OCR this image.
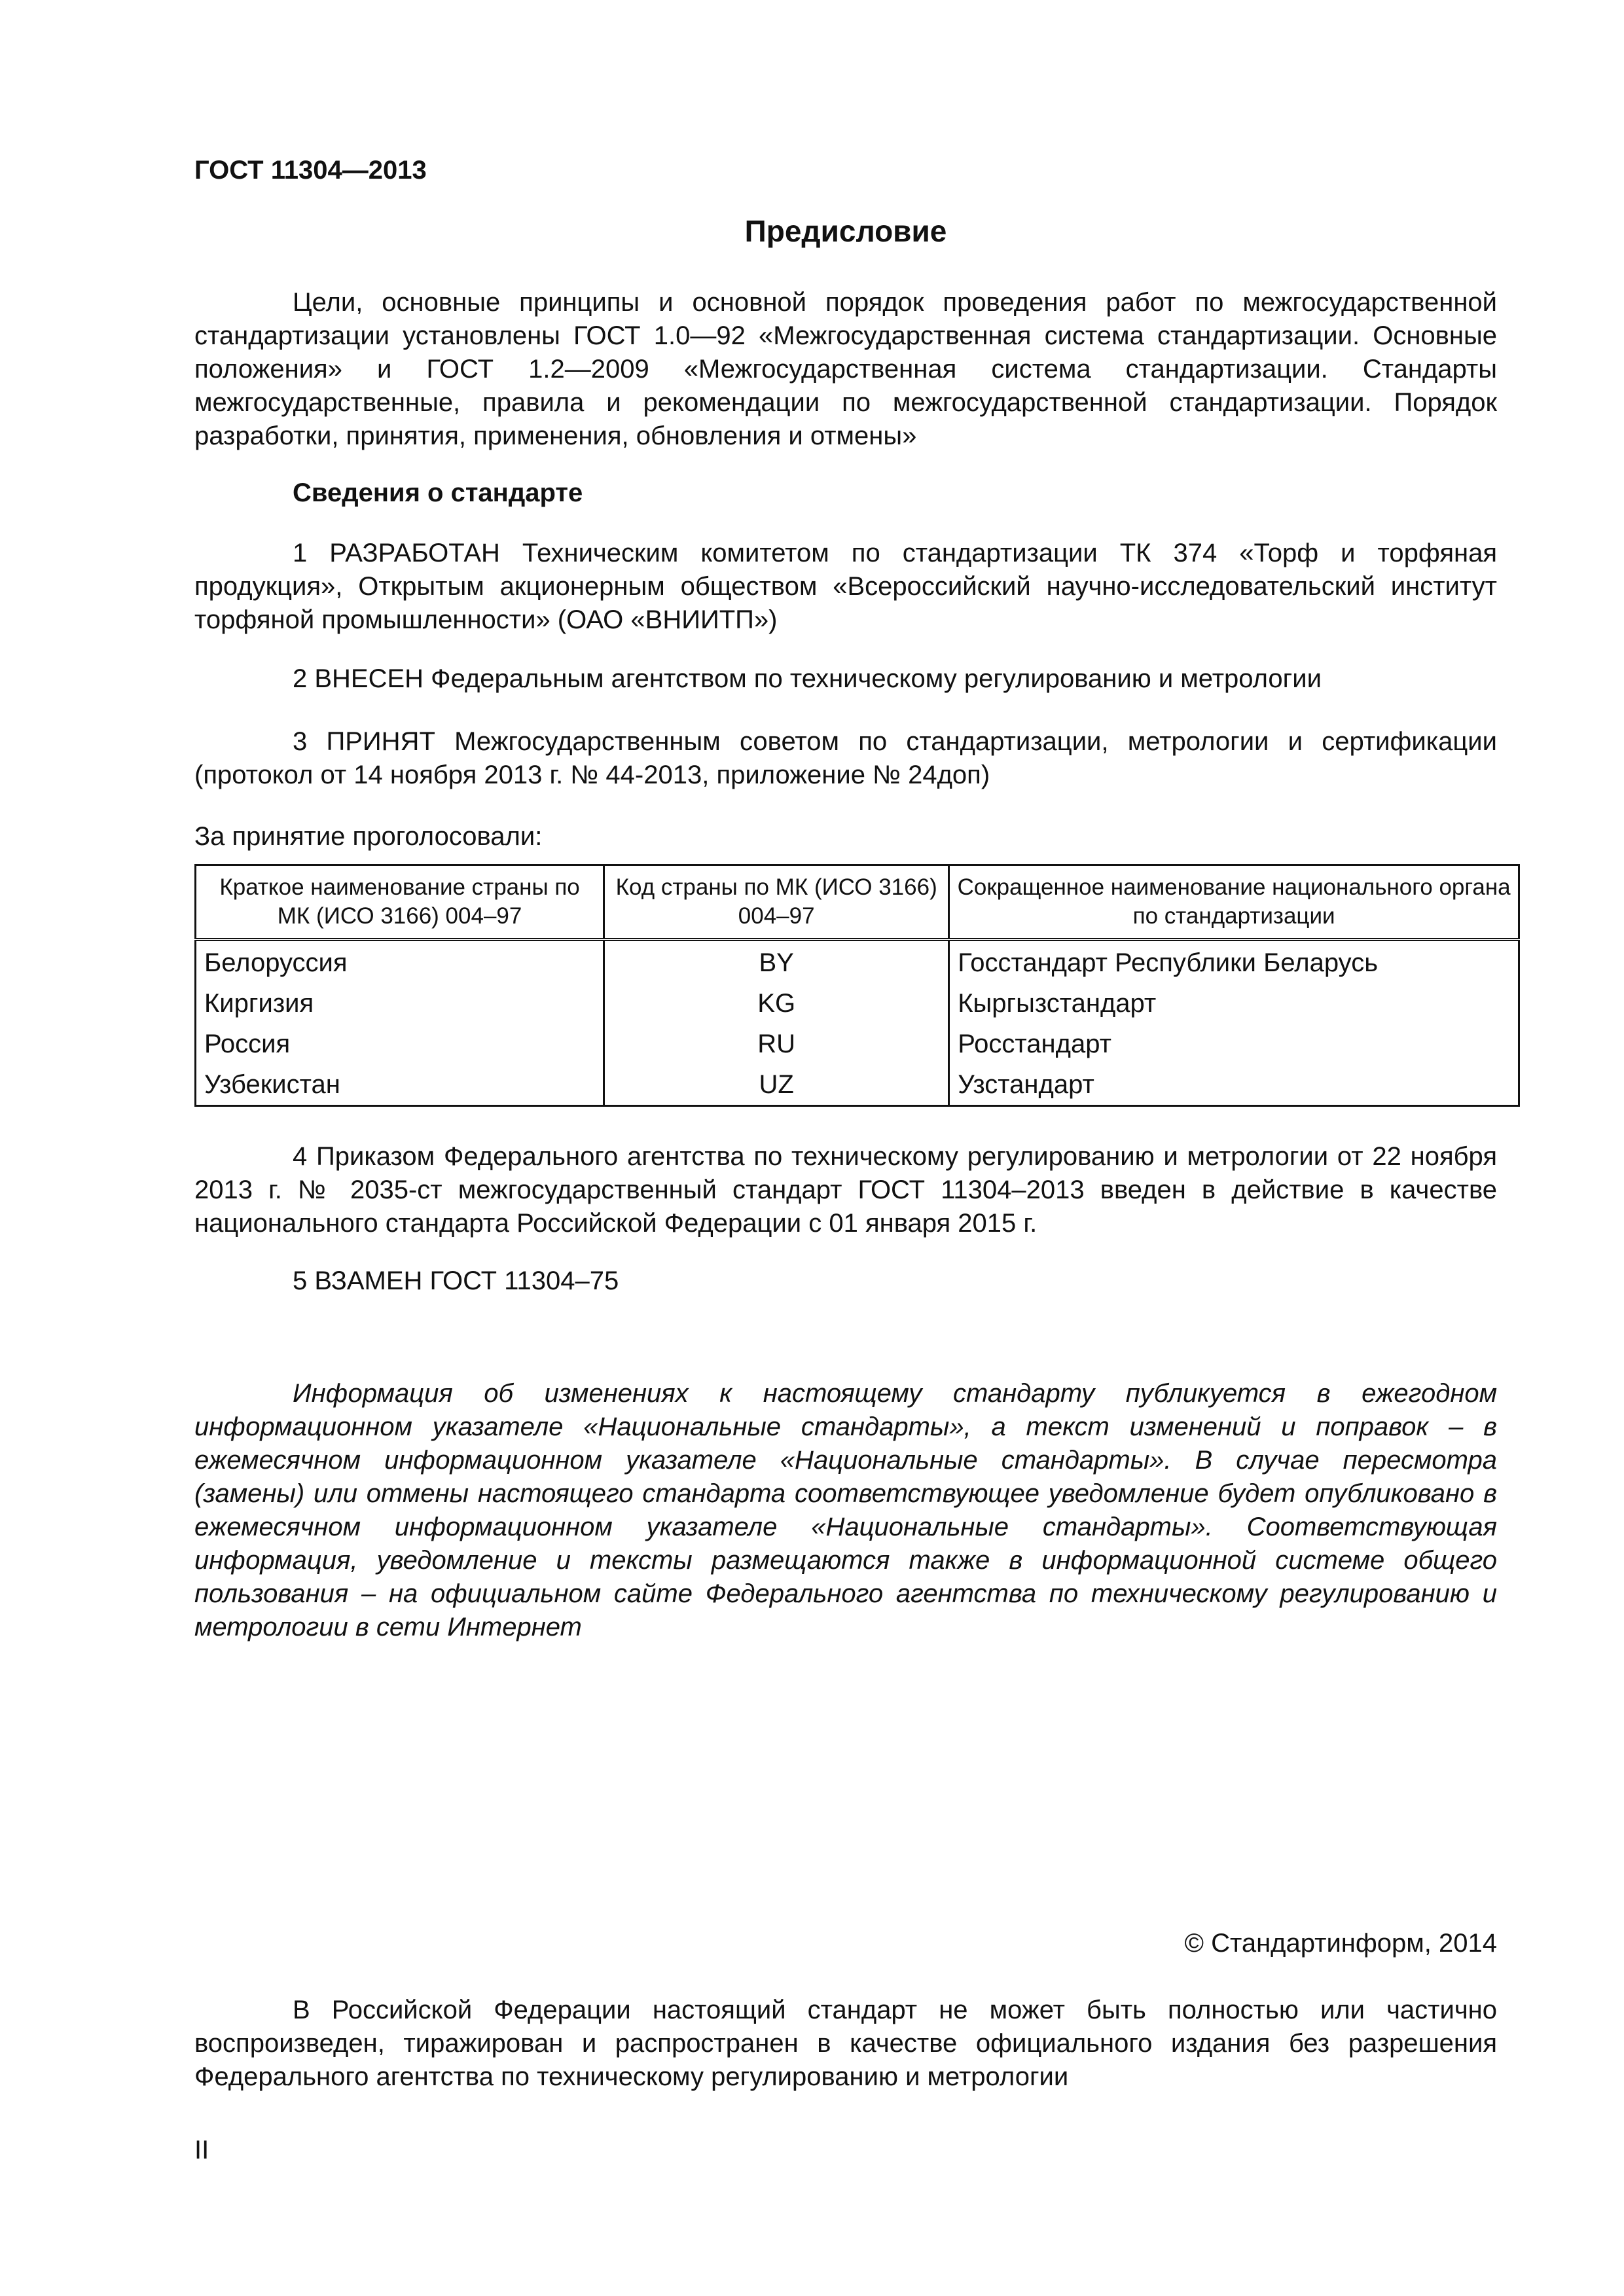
ГОСТ 11304—2013
Предисловие
Цели, основные принципы и основной порядок проведения работ по межгосударственной стандартизации установлены ГОСТ 1.0—92 «Межгосударственная система стандартизации. Основные положения» и ГОСТ 1.2—2009 «Межгосударственная система стандартизации. Стандарты межгосударственные, правила и рекомендации по межгосударственной стандартизации. Порядок разработки, принятия, применения, обновления и отмены»
Сведения о стандарте
1 РАЗРАБОТАН Техническим комитетом по стандартизации ТК 374 «Торф и торфяная продукция», Открытым акционерным обществом «Всероссийский научно-исследовательский институт торфяной промышленности» (ОАО «ВНИИТП»)
2 ВНЕСЕН Федеральным агентством по техническому регулированию и метрологии
3 ПРИНЯТ Межгосударственным советом по стандартизации, метрологии и сертификации (протокол от 14 ноября 2013 г. № 44-2013, приложение № 24доп)
За принятие проголосовали:
Краткое наименование страны по МК (ИСО 3166) 004–97	Код страны по МК (ИСО 3166) 004–97	Сокращенное наименование национального органа по стандартизации
Белоруссия	BY	Госстандарт Республики Беларусь
Киргизия	KG	Кыргызстандарт
Россия	RU	Росстандарт
Узбекистан	UZ	Узстандарт
4 Приказом Федерального агентства по техническому регулированию и метрологии от 22 ноября 2013 г. № 2035-ст межгосударственный стандарт ГОСТ 11304–2013 введен в действие в качестве национального стандарта Российской Федерации с 01 января 2015 г.
5 ВЗАМЕН ГОСТ 11304–75
Информация об изменениях к настоящему стандарту публикуется в ежегодном информационном указателе «Национальные стандарты», а текст изменений и поправок – в ежемесячном информационном указателе «Национальные стандарты». В случае пересмотра (замены) или отмены настоящего стандарта соответствующее уведомление будет опубликовано в ежемесячном информационном указателе «Национальные стандарты». Соответствующая информация, уведомление и тексты размещаются также в информационной системе общего пользования – на официальном сайте Федерального агентства по техническому регулированию и метрологии в сети Интернет
© Стандартинформ, 2014
В Российской Федерации настоящий стандарт не может быть полностью или частично воспроизведен, тиражирован и распространен в качестве официального издания без разрешения Федерального агентства по техническому регулированию и метрологии
II
